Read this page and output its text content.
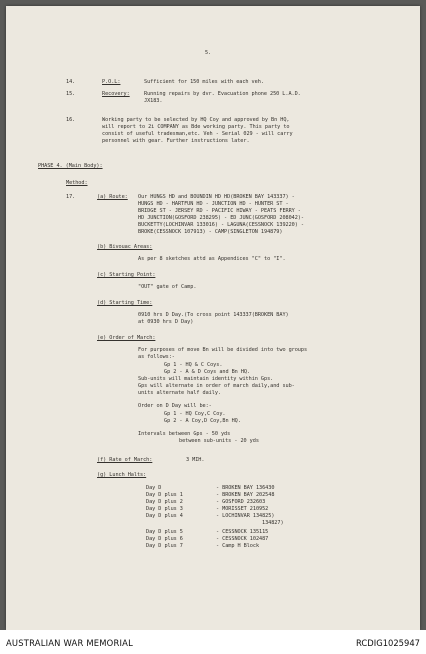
5.
14.	P.O.L:	Sufficient for 150 miles with each veh.
15.	Recovery:	Running repairs by dvr. Evacuation phone 250 L.A.D.
JX183.
16.	Working party to be selected by HQ Coy and approved by Bn HQ,
will report to 2i COMPANY as Bde working party. This party to
consist of useful tradesman,etc. Veh - Serial 029 - will carry
personnel with gear. Further instructions later.
PHASE 4. (Main Body):
Method:
17.	(a) Route: Our HUNGS HD and BOUNDIN HD HD(BROKEN BAY 143337) -
HUNGS HD - HARTFUN HD - JUNCTION HD - HUNTER ST -
BRIDGE ST - JERSEY RD - PACIFIC HIWAY - PEATS FERRY -
HD JUNCTION(GOSFORD 238295) - ED JUNC(GOSFORD 208042)-
BUCKETTY(LOCHINVAR 133016) - LAGUNA(CESSNOCK 139220) -
BROKE(CESSNOCK 107913) - CAMP(SINGLETON 194879)
(b) Bivouac Areas:
As per 8 sketches attd as Appendices "C" to "I".
(c) Starting Point:
"OUT" gate of Camp.
(d) Starting Time:
0910 hrs D Day.(To cross point 143337(BROKEN BAY)
at 0930 hrs D Day)
(e) Order of March:
For purposes of move Bn will be divided into two groups
as follows:-
Gp 1 - HQ & C Coys.
Gp 2 - A & D Coys and Bn HQ.
Sub-units will maintain identity within Gps.
Gps will alternate in order of march daily,and sub-
units alternate half daily.
Order on D Day will be:-
Gp 1 - HQ Coy,C Coy.
Gp 2 - A Coy,D Coy,Bn HQ.
Intervals between Gps - 50 yds
between sub-units - 20 yds
(f) Rate of March:	3 MIH.
(g) Lunch Halts:
Day D	- BROKEN BAY 136430
Day D plus 1	- BROKEN BAY 202548
Day D plus 2	- GOSFORD 232603
Day D plus 3	- MORISSET 210952
Day D plus 4	- LOCHINVAR 134825)
134827)
Day D plus 5	- CESSNOCK 135115
Day D plus 6	- CESSNOCK 102487
Day D plus 7	- Camp H Block
AUSTRALIAN WAR MEMORIAL	RCDIG1025947
